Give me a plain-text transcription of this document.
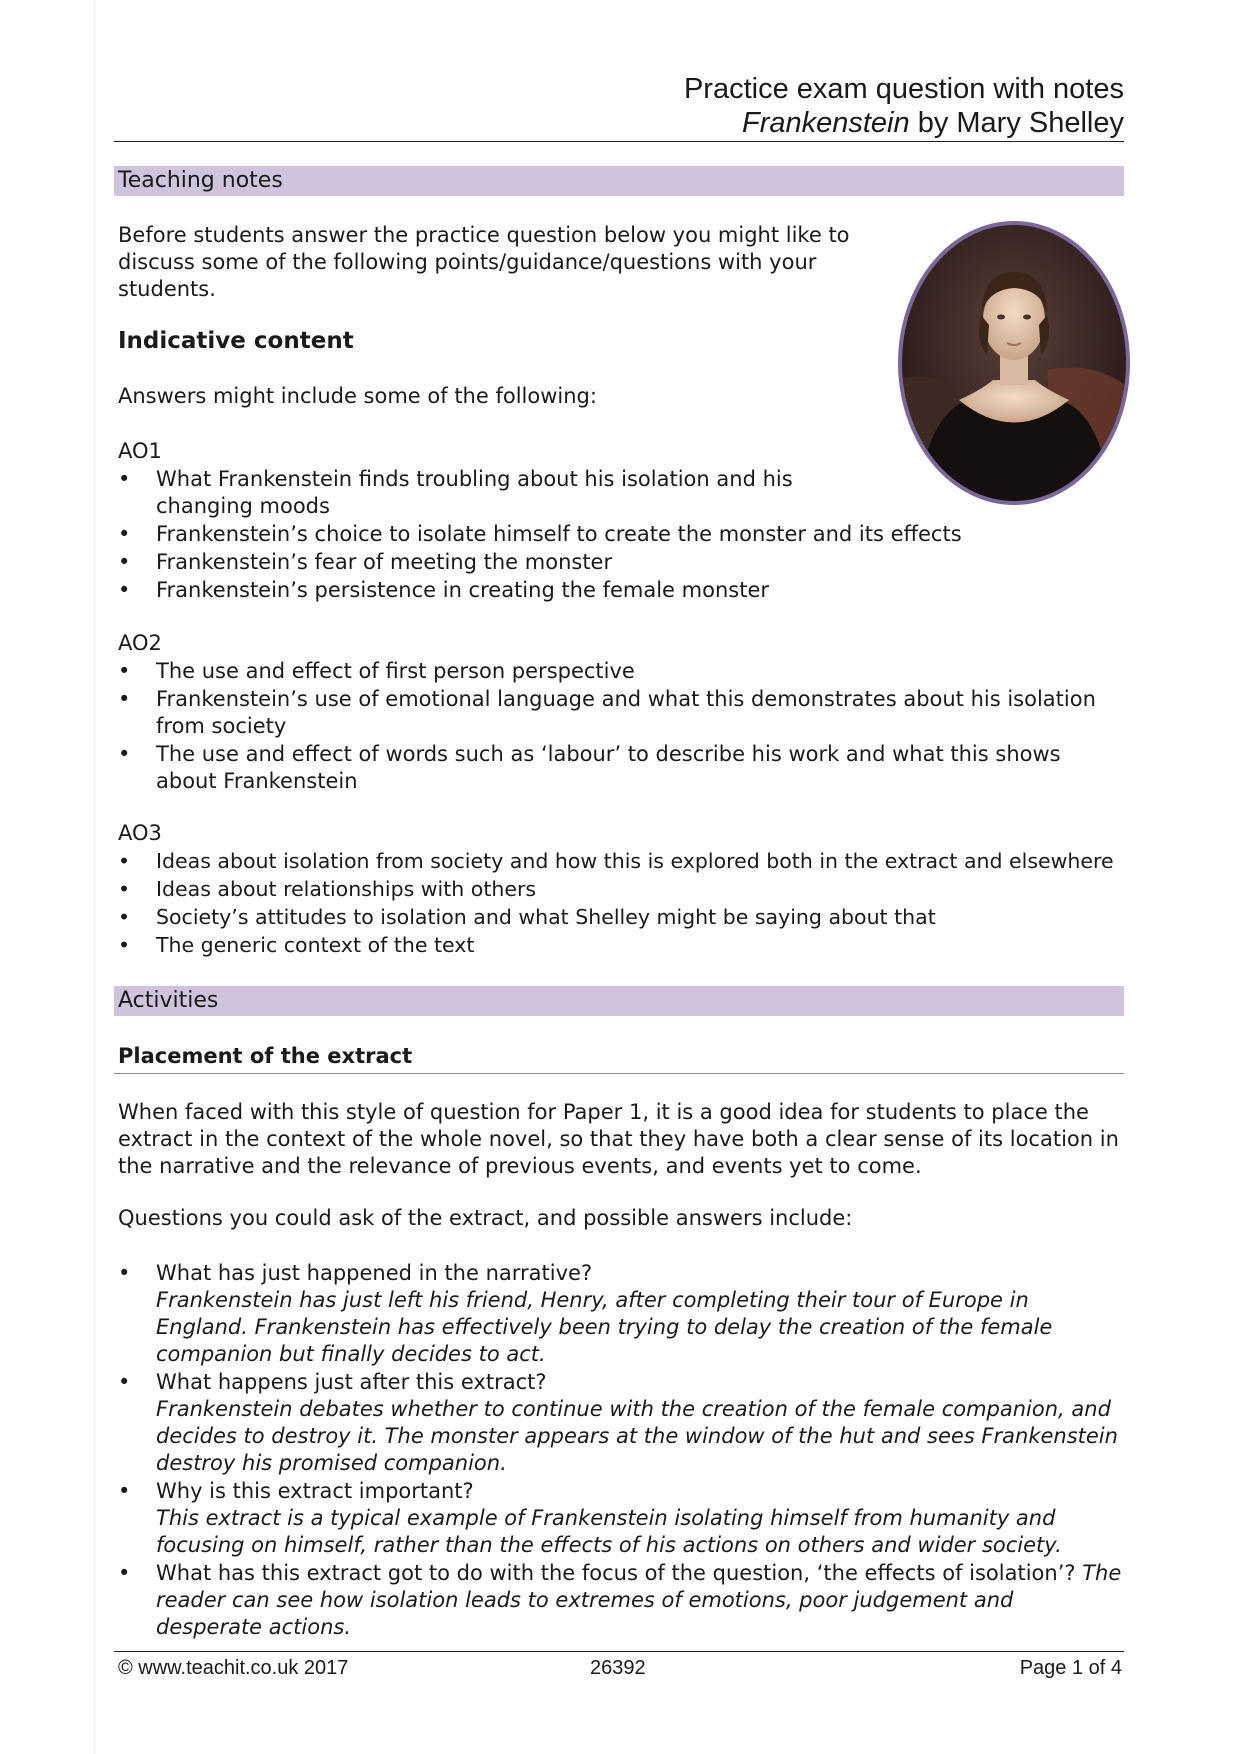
Practice exam question with notes
Frankenstein by Mary Shelley
Teaching notes
Before students answer the practice question below you might like to discuss some of the following points/guidance/questions with your students.
Indicative content
Answers might include some of the following:
AO1
• What Frankenstein finds troubling about his isolation and his changing moods
• Frankenstein’s choice to isolate himself to create the monster and its effects
• Frankenstein’s fear of meeting the monster
• Frankenstein’s persistence in creating the female monster
AO2
• The use and effect of first person perspective
• Frankenstein’s use of emotional language and what this demonstrates about his isolation from society
• The use and effect of words such as ‘labour’ to describe his work and what this shows about Frankenstein
AO3
• Ideas about isolation from society and how this is explored both in the extract and elsewhere
• Ideas about relationships with others
• Society’s attitudes to isolation and what Shelley might be saying about that
• The generic context of the text
Activities
Placement of the extract
When faced with this style of question for Paper 1, it is a good idea for students to place the extract in the context of the whole novel, so that they have both a clear sense of its location in the narrative and the relevance of previous events, and events yet to come.
Questions you could ask of the extract, and possible answers include:
• What has just happened in the narrative?
Frankenstein has just left his friend, Henry, after completing their tour of Europe in England. Frankenstein has effectively been trying to delay the creation of the female companion but finally decides to act.
• What happens just after this extract?
Frankenstein debates whether to continue with the creation of the female companion, and decides to destroy it. The monster appears at the window of the hut and sees Frankenstein destroy his promised companion.
• Why is this extract important?
This extract is a typical example of Frankenstein isolating himself from humanity and focusing on himself, rather than the effects of his actions on others and wider society.
• What has this extract got to do with the focus of the question, ‘the effects of isolation’? The reader can see how isolation leads to extremes of emotions, poor judgement and desperate actions.
© www.teachit.co.uk 2017	26392	Page 1 of 4
